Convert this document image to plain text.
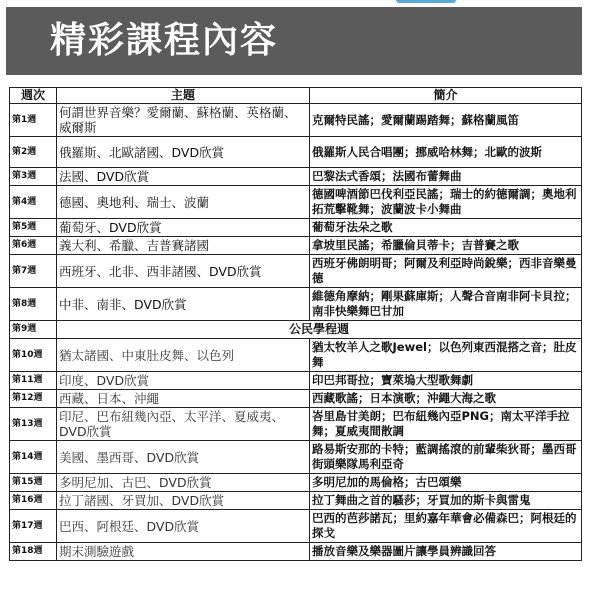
精彩課程內容
週次	主題	簡介
第1週	何謂世界音樂？愛爾蘭、蘇格蘭、英格蘭、威爾斯	克爾特民謠；愛爾蘭踢踏舞；蘇格蘭風笛
第2週	俄羅斯、北歐諸國、DVD欣賞	俄羅斯人民合唱團；挪威哈林舞；北歐的波斯
第3週	法國、DVD欣賞	巴黎法式香頌；法國布蕾舞曲
第4週	德國、奧地利、瑞士、波蘭	德國啤酒節巴伐利亞民謠；瑞士的約德爾調；奧地利拓荒擊靴舞；波蘭波卡小舞曲
第5週	葡萄牙、DVD欣賞	葡萄牙法朵之歌
第6週	義大利、希臘、吉普賽諸國	拿坡里民謠；希臘倫貝蒂卡；吉普賽之歌
第7週	西班牙、北非、西非諸國、DVD欣賞	西班牙佛朗明哥；阿爾及利亞時尚銳樂；西非音樂曼德
第8週	中非、南非、DVD欣賞	維德角摩納；剛果蘇庫斯；人聲合音南非阿卡貝拉；南非快樂舞巴甘加
第9週	公民學程週	
第10週	猶太諸國、中東肚皮舞、以色列	猶太牧羊人之歌Jewel；以色列東西混搭之音；肚皮舞
第11週	印度、DVD欣賞	印巴邦哥拉；寶萊塢大型歌舞劇
第12週	西藏、日本、沖繩	西藏歌謠；日本演歌；沖繩大海之歌
第13週	印尼、巴布紐幾內亞、太平洋、夏威夷、DVD欣賞	峇里島甘美朗；巴布紐幾內亞PNG；南太平洋手拉舞；夏威夷間散調
第14週	美國、墨西哥、DVD欣賞	路易斯安那的卡特；藍調搖滾的前輩柴狄哥；墨西哥街頭樂隊馬利亞奇
第15週	多明尼加、古巴、DVD欣賞	多明尼加的馬倫格；古巴頌樂
第16週	拉丁諸國、牙買加、DVD欣賞	拉丁舞曲之首的騷莎；牙買加的斯卡與雷鬼
第17週	巴西、阿根廷、DVD欣賞	巴西的芭莎諾瓦；里約嘉年華會必備森巴；阿根廷的探戈
第18週	期末測驗遊戲	播放音樂及樂器圖片讓學員辨識回答
